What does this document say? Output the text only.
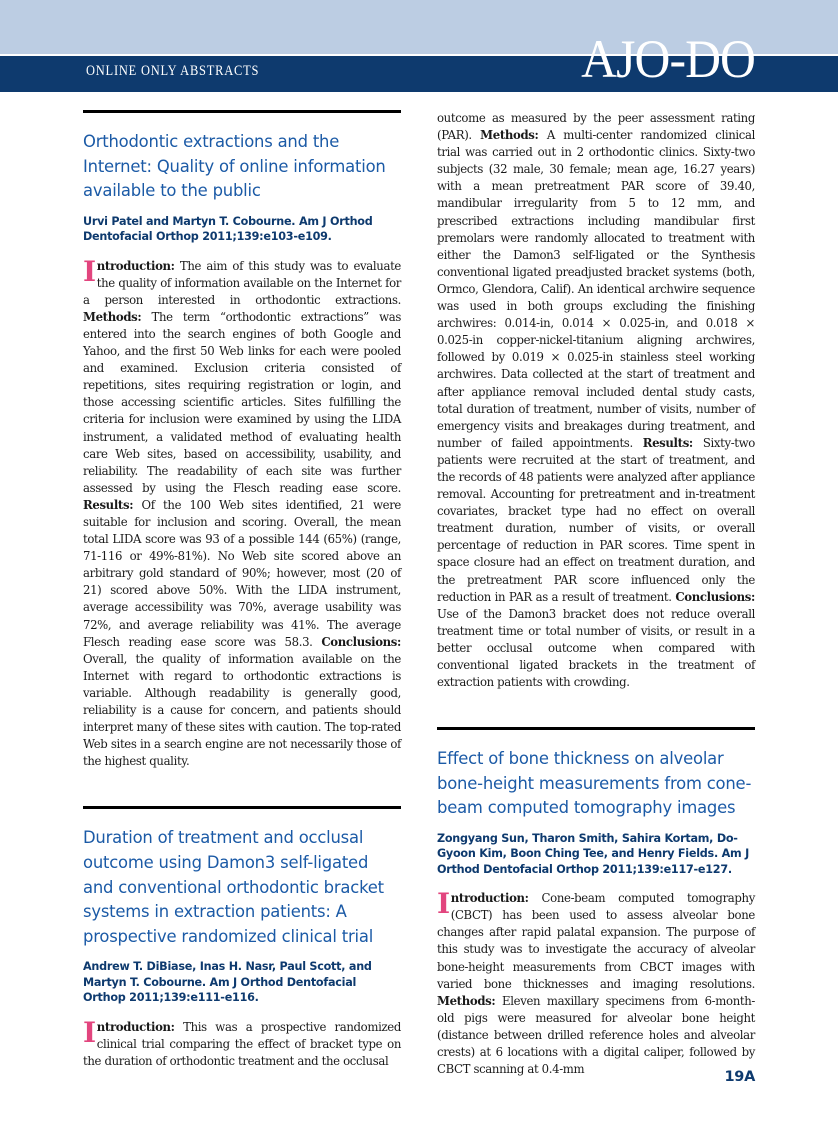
ONLINE ONLY ABSTRACTS	AJO-DO
Orthodontic extractions and the Internet: Quality of online information available to the public
Urvi Patel and Martyn T. Cobourne. Am J Orthod Dentofacial Orthop 2011;139:e103-e109.

Introduction: The aim of this study was to evaluate the quality of information available on the Internet for a person interested in orthodontic extractions. Methods: The term “orthodontic extractions” was entered into the search engines of both Google and Yahoo, and the first 50 Web links for each were pooled and examined. Exclusion criteria consisted of repetitions, sites requiring registration or login, and those accessing scientific articles. Sites fulfilling the criteria for inclusion were examined by using the LIDA instrument, a validated method of evaluating health care Web sites, based on accessibility, usability, and reliability. The readability of each site was further assessed by using the Flesch reading ease score. Results: Of the 100 Web sites identified, 21 were suitable for inclusion and scoring. Overall, the mean total LIDA score was 93 of a possible 144 (65%) (range, 71-116 or 49%-81%). No Web site scored above an arbitrary gold standard of 90%; however, most (20 of 21) scored above 50%. With the LIDA instrument, average accessibility was 70%, average usability was 72%, and average reliability was 41%. The average Flesch reading ease score was 58.3. Conclusions: Overall, the quality of information available on the Internet with regard to orthodontic extractions is variable. Although readability is generally good, reliability is a cause for concern, and patients should interpret many of these sites with caution. The top-rated Web sites in a search engine are not necessarily those of the highest quality.

Duration of treatment and occlusal outcome using Damon3 self-ligated and conventional orthodontic bracket systems in extraction patients: A prospective randomized clinical trial
Andrew T. DiBiase, Inas H. Nasr, Paul Scott, and Martyn T. Cobourne. Am J Orthod Dentofacial Orthop 2011;139:e111-e116.

Introduction: This was a prospective randomized clinical trial comparing the effect of bracket type on the duration of orthodontic treatment and the occlusal

outcome as measured by the peer assessment rating (PAR). Methods: A multi-center randomized clinical trial was carried out in 2 orthodontic clinics. Sixty-two subjects (32 male, 30 female; mean age, 16.27 years) with a mean pretreatment PAR score of 39.40, mandibular irregularity from 5 to 12 mm, and prescribed extractions including mandibular first premolars were randomly allocated to treatment with either the Damon3 self-ligated or the Synthesis conventional ligated preadjusted bracket systems (both, Ormco, Glendora, Calif). An identical archwire sequence was used in both groups excluding the finishing archwires: 0.014-in, 0.014 × 0.025-in, and 0.018 × 0.025-in copper-nickel-titanium aligning archwires, followed by 0.019 × 0.025-in stainless steel working archwires. Data collected at the start of treatment and after appliance removal included dental study casts, total duration of treatment, number of visits, number of emergency visits and breakages during treatment, and number of failed appointments. Results: Sixty-two patients were recruited at the start of treatment, and the records of 48 patients were analyzed after appliance removal. Accounting for pretreatment and in-treatment covariates, bracket type had no effect on overall treatment duration, number of visits, or overall percentage of reduction in PAR scores. Time spent in space closure had an effect on treatment duration, and the pretreatment PAR score influenced only the reduction in PAR as a result of treatment. Conclusions: Use of the Damon3 bracket does not reduce overall treatment time or total number of visits, or result in a better occlusal outcome when compared with conventional ligated brackets in the treatment of extraction patients with crowding.

Effect of bone thickness on alveolar bone-height measurements from cone-beam computed tomography images
Zongyang Sun, Tharon Smith, Sahira Kortam, Do-Gyoon Kim, Boon Ching Tee, and Henry Fields. Am J Orthod Dentofacial Orthop 2011;139:e117-e127.

Introduction: Cone-beam computed tomography (CBCT) has been used to assess alveolar bone changes after rapid palatal expansion. The purpose of this study was to investigate the accuracy of alveolar bone-height measurements from CBCT images with varied bone thicknesses and imaging resolutions. Methods: Eleven maxillary specimens from 6-month-old pigs were measured for alveolar bone height (distance between drilled reference holes and alveolar crests) at 6 locations with a digital caliper, followed by CBCT scanning at 0.4-mm	19A
